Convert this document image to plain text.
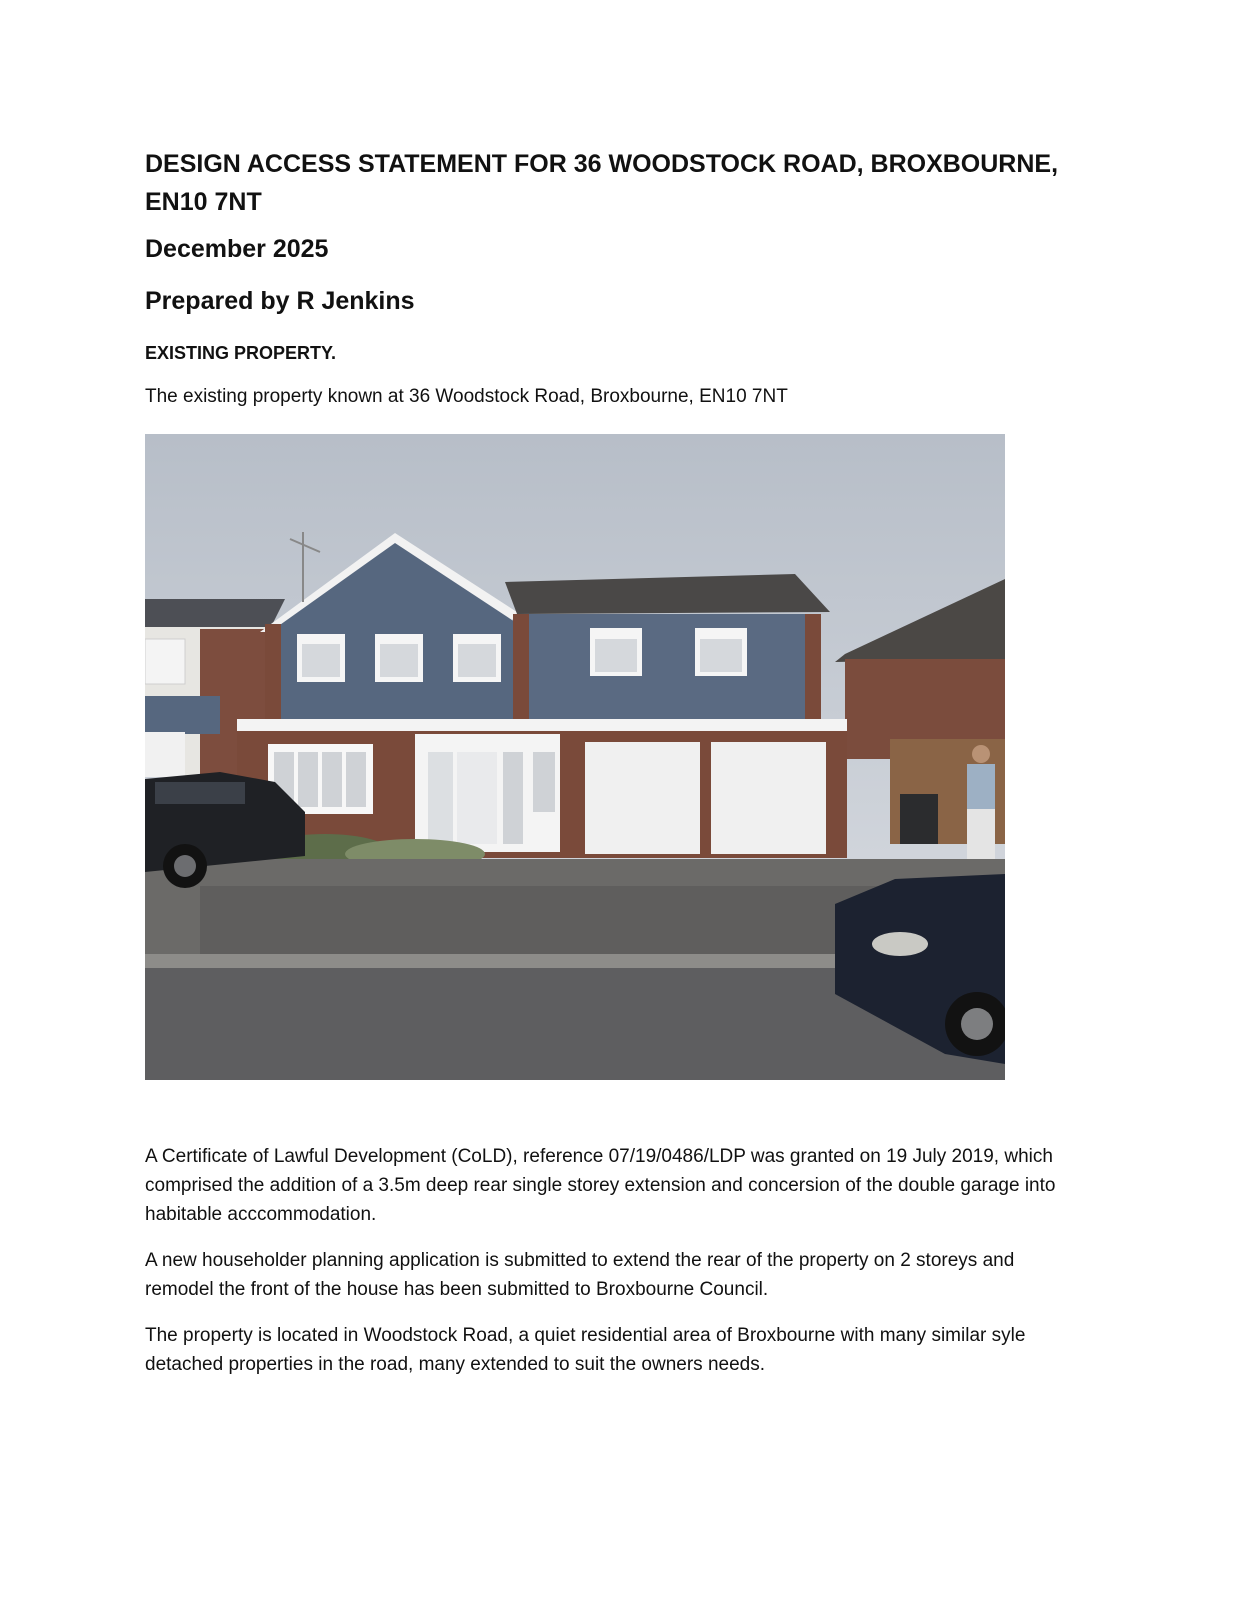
DESIGN ACCESS STATEMENT FOR 36 WOODSTOCK ROAD, BROXBOURNE, EN10 7NT
December 2025
Prepared by R Jenkins
EXISTING PROPERTY.

The existing property known at 36 Woodstock Road, Broxbourne, EN10 7NT

A Certificate of Lawful Development (CoLD), reference 07/19/0486/LDP was granted on 19 July 2019, which comprised the addition of a 3.5m deep rear single storey extension and concersion of the double garage into habitable acccommodation.

A new householder planning application is submitted to extend the rear of the property on 2 storeys and remodel the front of the house has been submitted to Broxbourne Council.

The property is located in Woodstock Road, a quiet residential area of Broxbourne with many similar syle detached properties in the road, many extended to suit the owners needs.
